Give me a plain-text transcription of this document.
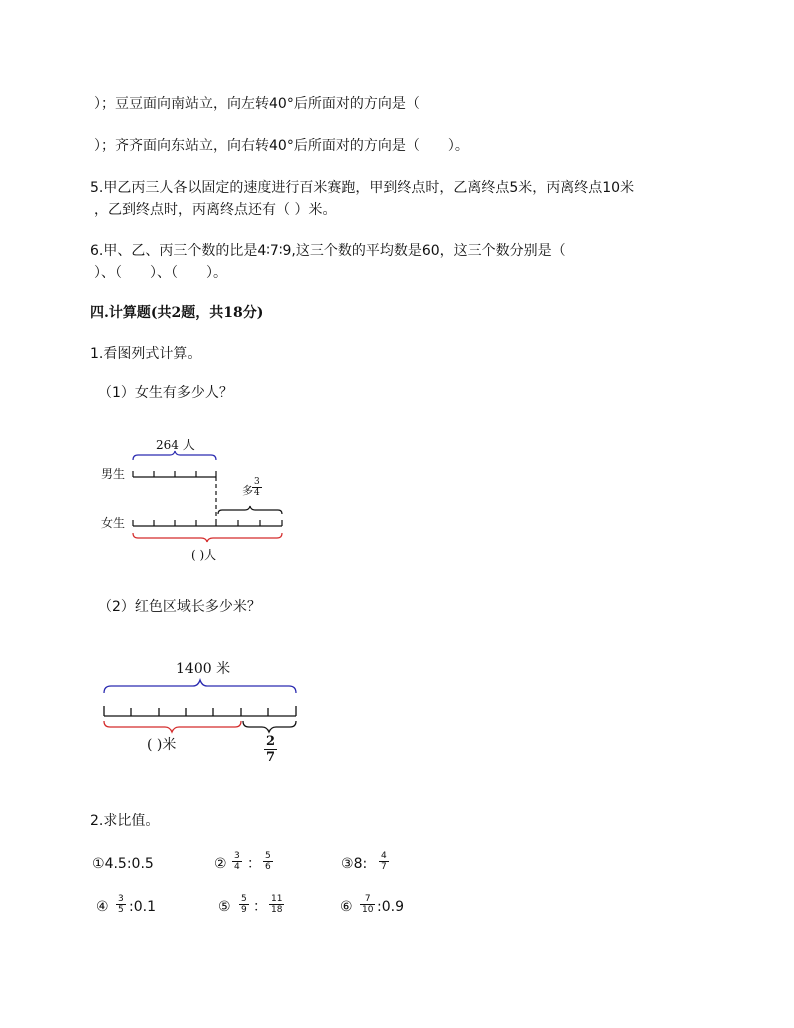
）；豆豆面向南站立，向左转40°后所面对的方向是（
）；齐齐面向东站立，向右转40°后所面对的方向是（　　）。
5.甲乙丙三人各以固定的速度进行百米赛跑，甲到终点时，乙离终点5米，丙离终点10米
，乙到终点时，丙离终点还有（ ）米。
6.甲、乙、丙三个数的比是4∶7∶9,这三个数的平均数是60，这三个数分别是（
）、（　　）、（　　）。
四.计算题(共2题，共18分)
1.看图列式计算。
（1）女生有多少人？
264 人
男生
女生
多
3
4
( )人
（2）红色区域长多少米？
1400 米
( )米	2
7
2.求比值。
①4.5:0.5	② 3
4 ： 5
6	③8: 4
7
④ 3
5 :0.1	⑤ 5
9 ： 11
18	⑥ 7
10 :0.9
